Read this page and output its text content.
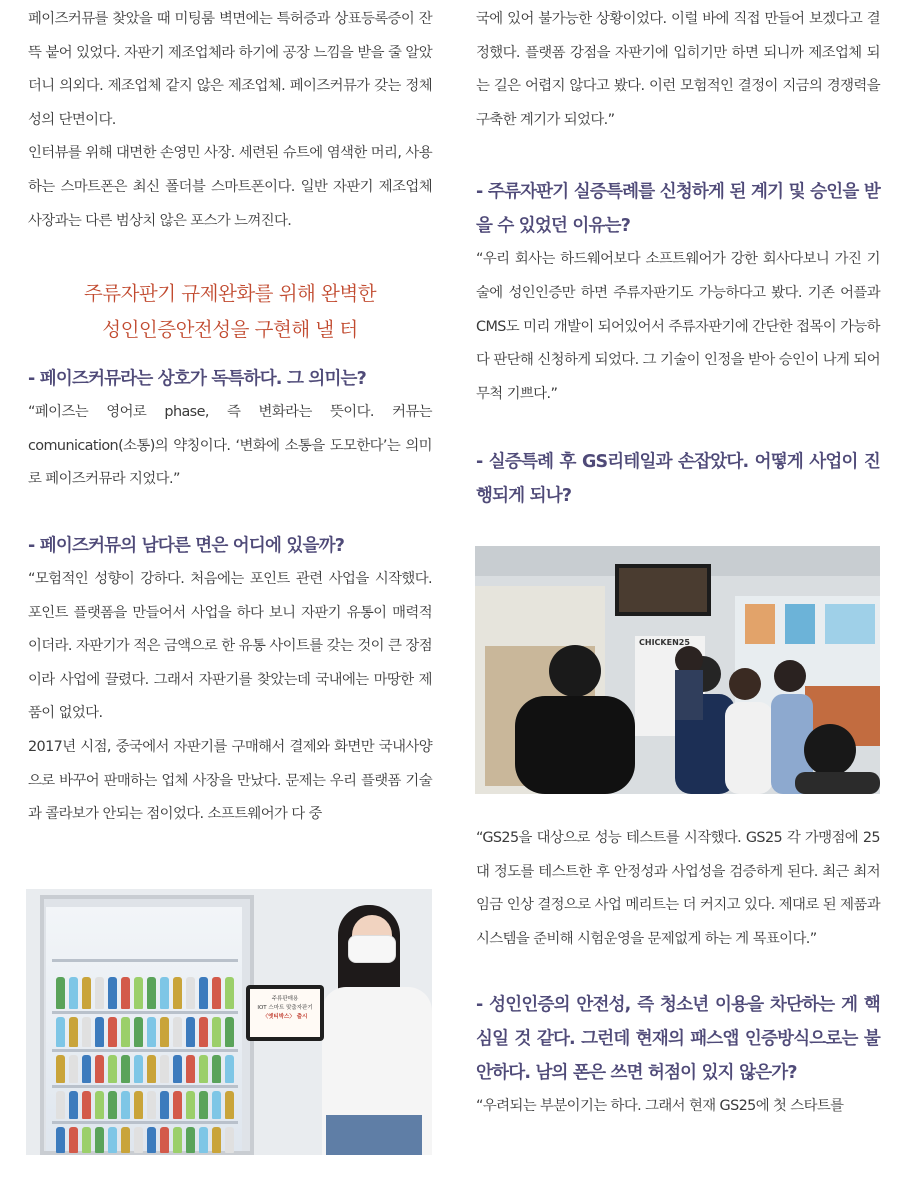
페이즈커뮤를 찾았을 때 미팅룸 벽면에는 특허증과 상표등록증이 잔뜩 붙어 있었다. 자판기 제조업체라 하기에 공장 느낌을 받을 줄 알았더니 의외다. 제조업체 같지 않은 제조업체. 페이즈커뮤가 갖는 정체성의 단면이다.

인터뷰를 위해 대면한 손영민 사장. 세련된 슈트에 염색한 머리, 사용하는 스마트폰은 최신 폴더블 스마트폰이다. 일반 자판기 제조업체 사장과는 다른 범상치 않은 포스가 느껴진다.

주류자판기 규제완화를 위해 완벽한

성인인증안전성을 구현해 낼 터

- 페이즈커뮤라는 상호가 독특하다. 그 의미는?

“페이즈는 영어로 phase, 즉 변화라는 뜻이다. 커뮤는 comunication(소통)의 약칭이다. ‘변화에 소통을 도모한다’는 의미로 페이즈커뮤라 지었다.”

- 페이즈커뮤의 남다른 면은 어디에 있을까?

“모험적인 성향이 강하다. 처음에는 포인트 관련 사업을 시작했다. 포인트 플랫폼을 만들어서 사업을 하다 보니 자판기 유통이 매력적이더라. 자판기가 적은 금액으로 한 유통 사이트를 갖는 것이 큰 장점이라 사업에 끌렸다. 그래서 자판기를 찾았는데 국내에는 마땅한 제품이 없었다.

2017년 시점, 중국에서 자판기를 구매해서 결제와 화면만 국내사양으로 바꾸어 판매하는 업체 사장을 만났다. 문제는 우리 플랫폼 기술과 콜라보가 안되는 점이었다. 소프트웨어가 다 중

주류판매용
IOT 스마트 맞춤자판기
〈엣티박스〉 출시

국에 있어 불가능한 상황이었다. 이럴 바에 직접 만들어 보겠다고 결정했다. 플랫폼 강점을 자판기에 입히기만 하면 되니까 제조업체 되는 길은 어렵지 않다고 봤다. 이런 모험적인 결정이 지금의 경쟁력을 구축한 계기가 되었다.”

- 주류자판기 실증특례를 신청하게 된 계기 및 승인을 받을 수 있었던 이유는?

“우리 회사는 하드웨어보다 소프트웨어가 강한 회사다보니 가진 기술에 성인인증만 하면 주류자판기도 가능하다고 봤다. 기존 어플과 CMS도 미리 개발이 되어있어서 주류자판기에 간단한 접목이 가능하다 판단해 신청하게 되었다. 그 기술이 인정을 받아 승인이 나게 되어 무척 기쁘다.”

- 실증특례 후 GS리테일과 손잡았다. 어떻게 사업이 진행되게 되나?

CHICKEN25

“GS25을 대상으로 성능 테스트를 시작했다. GS25 각 가맹점에 25대 정도를 테스트한 후 안정성과 사업성을 검증하게 된다. 최근 최저임금 인상 결정으로 사업 메리트는 더 커지고 있다. 제대로 된 제품과 시스템을 준비해 시험운영을 문제없게 하는 게 목표이다.”

- 성인인증의 안전성, 즉 청소년 이용을 차단하는 게 핵심일 것 같다. 그런데 현재의 패스앱 인증방식으로는 불안하다. 남의 폰은 쓰면 허점이 있지 않은가?

“우려되는 부분이기는 하다. 그래서 현재 GS25에 첫 스타트를
